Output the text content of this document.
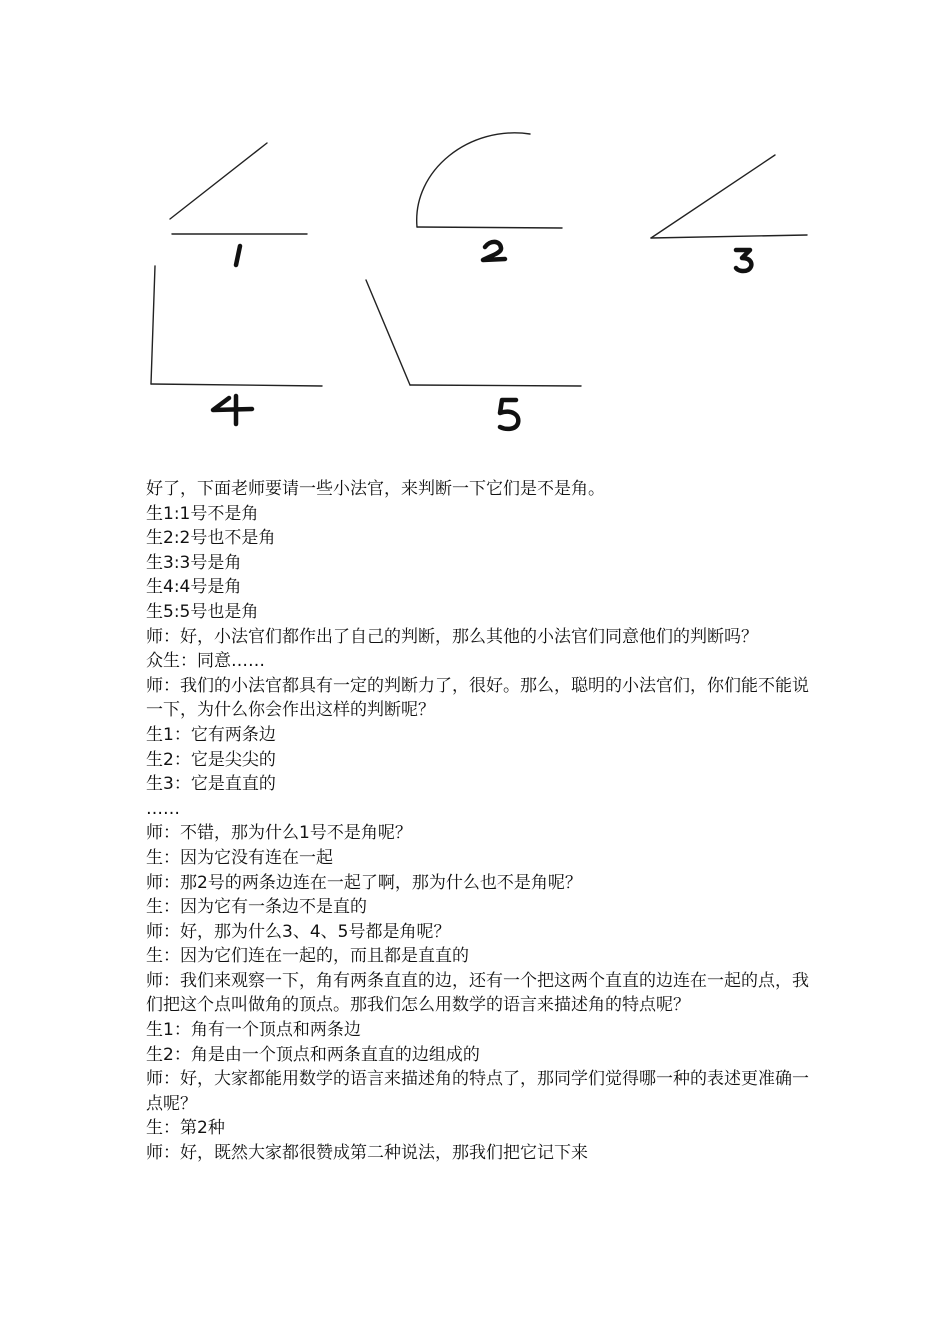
好了，下面老师要请一些小法官，来判断一下它们是不是角。

生1:1号不是角

生2:2号也不是角

生3:3号是角

生4:4号是角

生5:5号也是角

师：好，小法官们都作出了自己的判断，那么其他的小法官们同意他们的判断吗？

众生：同意……

师：我们的小法官都具有一定的判断力了，很好。那么，聪明的小法官们，你们能不能说一下，为什么你会作出这样的判断呢？

生1：它有两条边

生2：它是尖尖的

生3：它是直直的

……

师：不错，那为什么1号不是角呢？

生：因为它没有连在一起

师：那2号的两条边连在一起了啊，那为什么也不是角呢？

生：因为它有一条边不是直的

师：好，那为什么3、4、5号都是角呢？

生：因为它们连在一起的，而且都是直直的

师：我们来观察一下，角有两条直直的边，还有一个把这两个直直的边连在一起的点，我们把这个点叫做角的顶点。那我们怎么用数学的语言来描述角的特点呢？

生1：角有一个顶点和两条边

生2：角是由一个顶点和两条直直的边组成的

师：好，大家都能用数学的语言来描述角的特点了，那同学们觉得哪一种的表述更准确一点呢？

生：第2种

师：好，既然大家都很赞成第二种说法，那我们把它记下来
